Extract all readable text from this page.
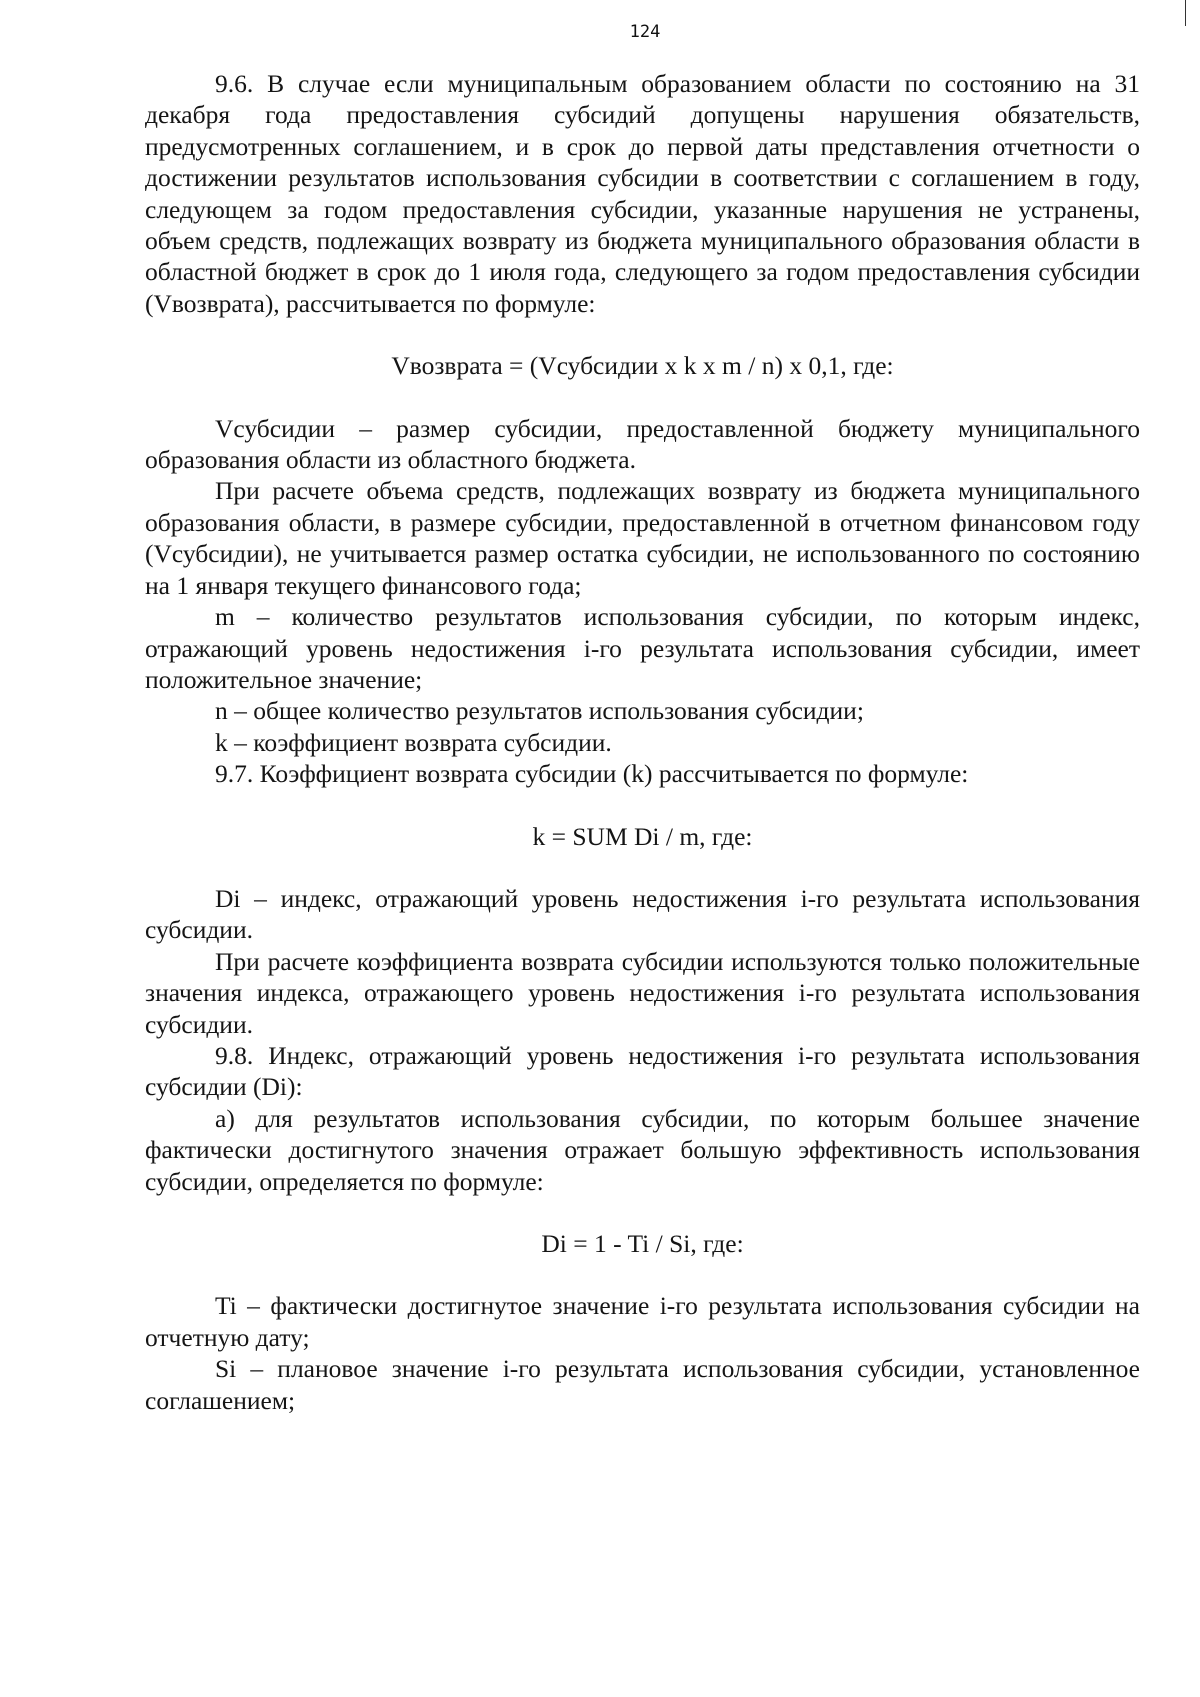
124

9.6. В случае если муниципальным образованием области по состоянию на 31 декабря года предоставления субсидий допущены нарушения обязательств, предусмотренных соглашением, и в срок до первой даты представления отчетности о достижении результатов использования субсидии в соответствии с соглашением в году, следующем за годом предоставления субсидии, указанные нарушения не устранены, объем средств, подлежащих возврату из бюджета муниципального образования области в областной бюджет в срок до 1 июля года, следующего за годом предоставления субсидии (Vвозврата), рассчитывается по формуле:

Vвозврата = (Vсубсидии x k x m / n) x 0,1, где:

Vсубсидии – размер субсидии, предоставленной бюджету муниципального образования области из областного бюджета.

При расчете объема средств, подлежащих возврату из бюджета муниципального образования области, в размере субсидии, предоставленной в отчетном финансовом году (Vсубсидии), не учитывается размер остатка субсидии, не использованного по состоянию на 1 января текущего финансового года;

m – количество результатов использования субсидии, по которым индекс, отражающий уровень недостижения i-го результата использования субсидии, имеет положительное значение;

n – общее количество результатов использования субсидии;

k – коэффициент возврата субсидии.

9.7. Коэффициент возврата субсидии (k) рассчитывается по формуле:

k = SUM Di / m, где:

Di – индекс, отражающий уровень недостижения i-го результата использования субсидии.

При расчете коэффициента возврата субсидии используются только положительные значения индекса, отражающего уровень недостижения i-го результата использования субсидии.

9.8. Индекс, отражающий уровень недостижения i-го результата использования субсидии (Di):

а) для результатов использования субсидии, по которым большее значение фактически достигнутого значения отражает большую эффективность использования субсидии, определяется по формуле:

Di = 1 - Ti / Si, где:

Ti – фактически достигнутое значение i-го результата использования субсидии на отчетную дату;

Si – плановое значение i-го результата использования субсидии, установленное соглашением;
